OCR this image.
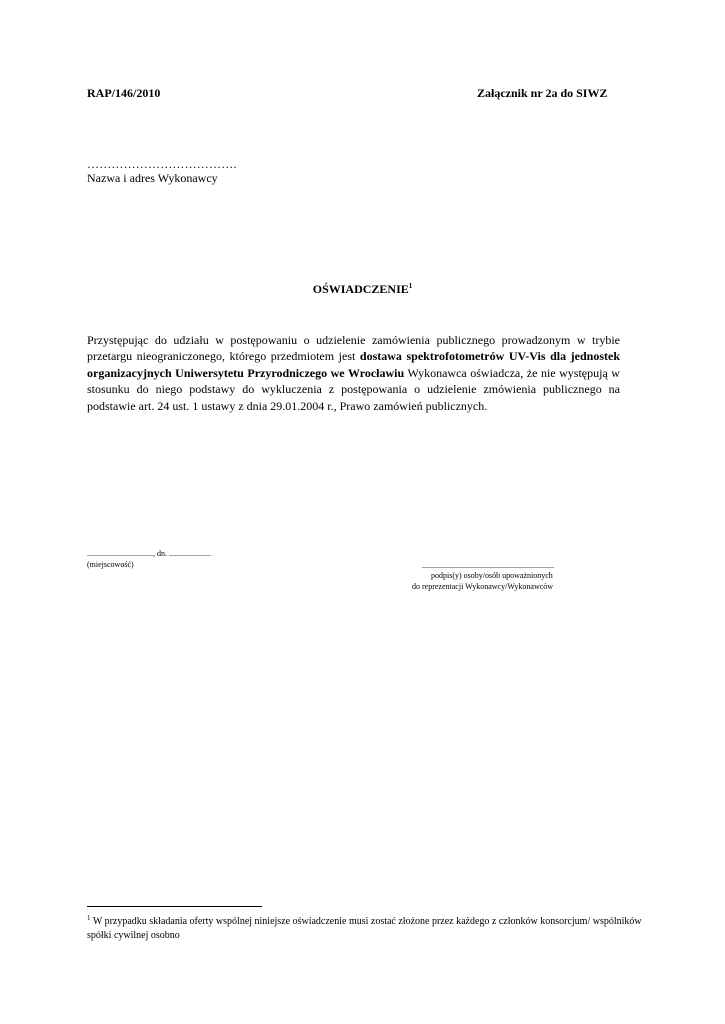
RAP/146/2010	Załącznik nr 2a do SIWZ
……………………………….
Nazwa i adres Wykonawcy
OŚWIADCZENIE$^1$
Przystępując do udziału w postępowaniu o udzielenie zamówienia publicznego prowadzonym w trybie przetargu nieograniczonego, którego przedmiotem jest dostawa spektrofotometrów UV-Vis dla jednostek organizacyjnych Uniwersytetu Przyrodniczego we Wrocławiu Wykonawca oświadcza, że nie występują w stosunku do niego podstawy do wykluczenia z postępowania o udzielenie zmówienia publicznego na podstawie art. 24 ust. 1 ustawy z dnia 29.01.2004 r., Prawo zamówień publicznych.
................................., dn. .....................
(miejscowość)	..................................................................
podpis(y) osoby/osób upoważnionych
do reprezentacji Wykonawcy/Wykonawców
$^1$ W przypadku składania oferty wspólnej niniejsze oświadczenie musi zostać złożone przez każdego z członków konsorcjum/ wspólników spółki cywilnej osobno
